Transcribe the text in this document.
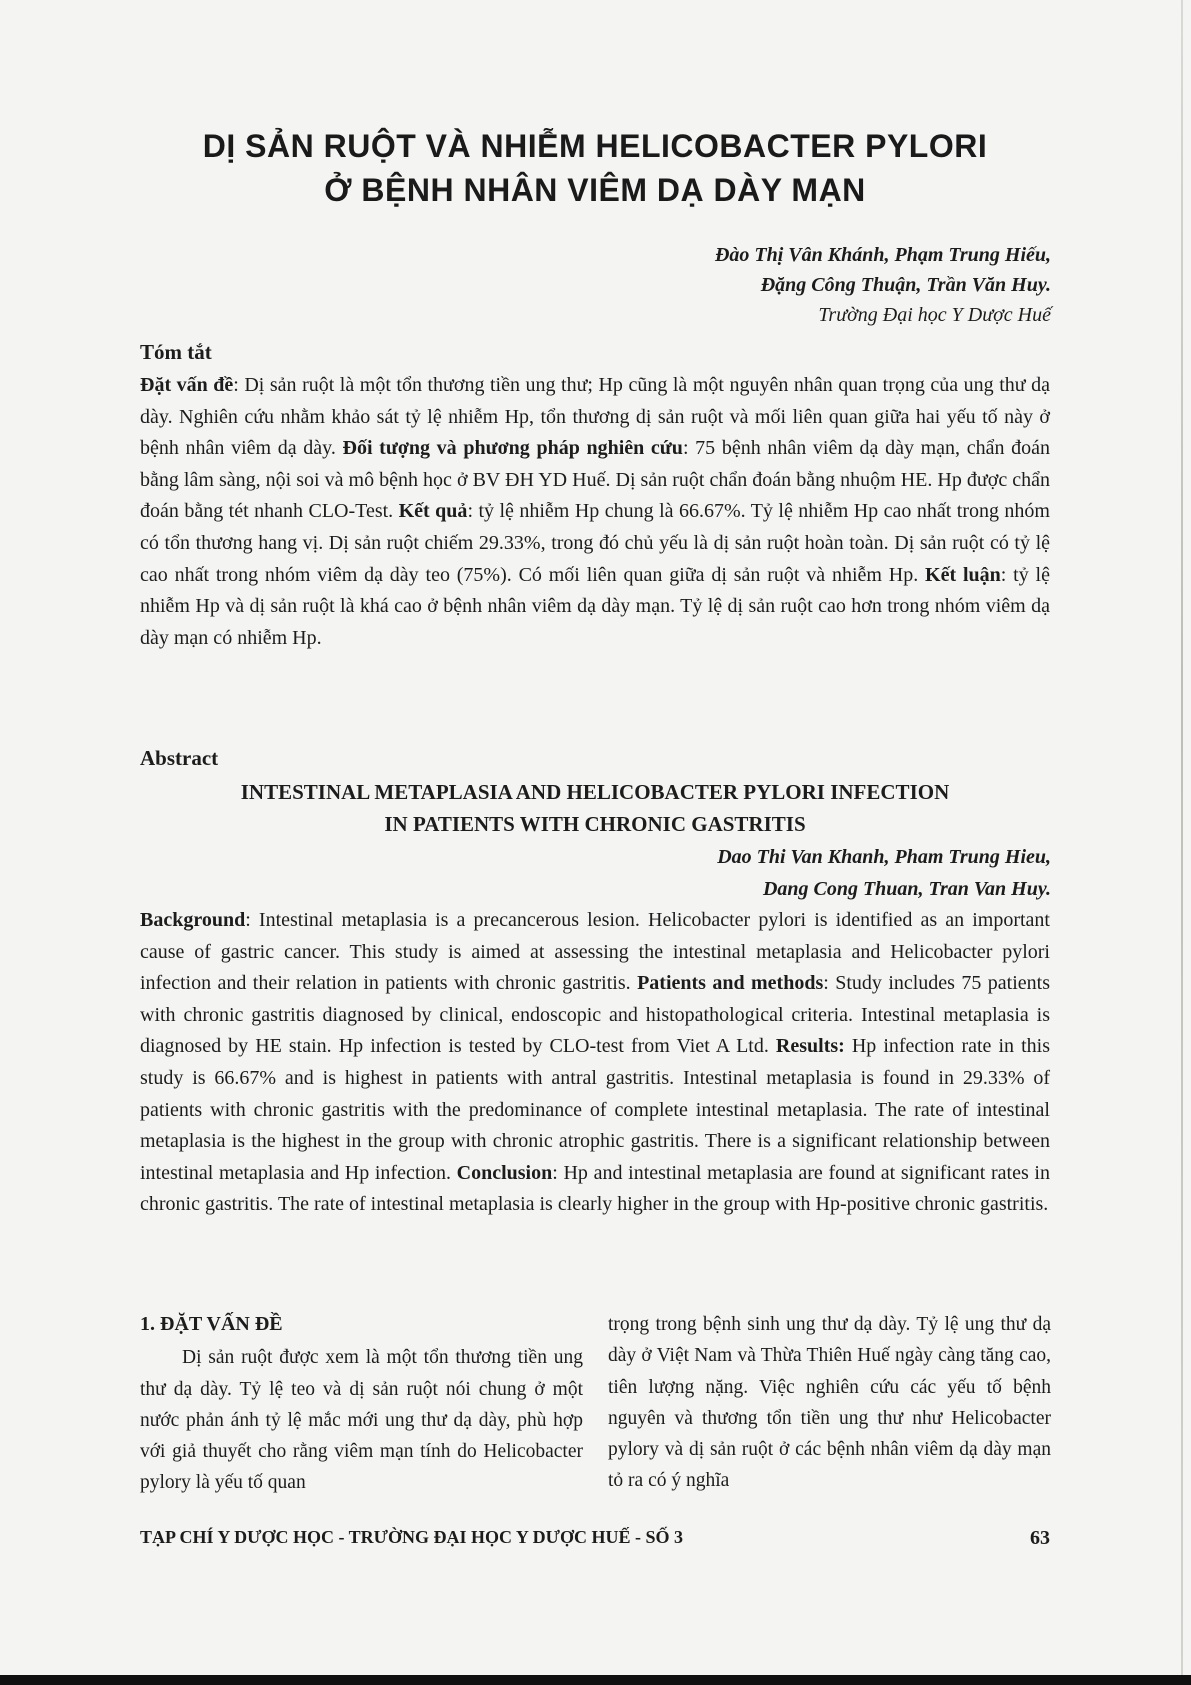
DỊ SẢN RUỘT VÀ NHIỄM HELICOBACTER PYLORI
Ở BỆNH NHÂN VIÊM DẠ DÀY MẠN
Đào Thị Vân Khánh, Phạm Trung Hiếu,
Đặng Công Thuận, Trần Văn Huy.
Trường Đại học Y Dược Huế
Tóm tắt

Đặt vấn đề: Dị sản ruột là một tổn thương tiền ung thư; Hp cũng là một nguyên nhân quan trọng của ung thư dạ dày. Nghiên cứu nhằm khảo sát tỷ lệ nhiễm Hp, tổn thương dị sản ruột và mối liên quan giữa hai yếu tố này ở bệnh nhân viêm dạ dày. Đối tượng và phương pháp nghiên cứu: 75 bệnh nhân viêm dạ dày mạn, chẩn đoán bằng lâm sàng, nội soi và mô bệnh học ở BV ĐH YD Huế. Dị sản ruột chẩn đoán bằng nhuộm HE. Hp được chẩn đoán bằng tét nhanh CLO-Test. Kết quả: tỷ lệ nhiễm Hp chung là 66.67%. Tỷ lệ nhiễm Hp cao nhất trong nhóm có tổn thương hang vị. Dị sản ruột chiếm 29.33%, trong đó chủ yếu là dị sản ruột hoàn toàn. Dị sản ruột có tỷ lệ cao nhất trong nhóm viêm dạ dày teo (75%). Có mối liên quan giữa dị sản ruột và nhiễm Hp. Kết luận: tỷ lệ nhiễm Hp và dị sản ruột là khá cao ở bệnh nhân viêm dạ dày mạn. Tỷ lệ dị sản ruột cao hơn trong nhóm viêm dạ dày mạn có nhiễm Hp.

Abstract
INTESTINAL METAPLASIA AND HELICOBACTER PYLORI INFECTION
IN PATIENTS WITH CHRONIC GASTRITIS
Dao Thi Van Khanh, Pham Trung Hieu,
Dang Cong Thuan, Tran Van Huy.

Background: Intestinal metaplasia is a precancerous lesion. Helicobacter pylori is identified as an important cause of gastric cancer. This study is aimed at assessing the intestinal metaplasia and Helicobacter pylori infection and their relation in patients with chronic gastritis. Patients and methods: Study includes 75 patients with chronic gastritis diagnosed by clinical, endoscopic and histopathological criteria. Intestinal metaplasia is diagnosed by HE stain. Hp infection is tested by CLO-test from Viet A Ltd. Results: Hp infection rate in this study is 66.67% and is highest in patients with antral gastritis. Intestinal metaplasia is found in 29.33% of patients with chronic gastritis with the predominance of complete intestinal metaplasia. The rate of intestinal metaplasia is the highest in the group with chronic atrophic gastritis. There is a significant relationship between intestinal metaplasia and Hp infection. Conclusion: Hp and intestinal metaplasia are found at significant rates in chronic gastritis. The rate of intestinal metaplasia is clearly higher in the group with Hp-positive chronic gastritis.

1. ĐẶT VẤN ĐỀ

Dị sản ruột được xem là một tổn thương tiền ung thư dạ dày. Tỷ lệ teo và dị sản ruột nói chung ở một nước phản ánh tỷ lệ mắc mới ung thư dạ dày, phù hợp với giả thuyết cho rằng viêm mạn tính do Helicobacter pylory là yếu tố quan

trọng trong bệnh sinh ung thư dạ dày. Tỷ lệ ung thư dạ dày ở Việt Nam và Thừa Thiên Huế ngày càng tăng cao, tiên lượng nặng. Việc nghiên cứu các yếu tố bệnh nguyên và thương tổn tiền ung thư như Helicobacter pylory và dị sản ruột ở các bệnh nhân viêm dạ dày mạn tỏ ra có ý nghĩa

TẠP CHÍ Y DƯỢC HỌC - TRƯỜNG ĐẠI HỌC Y DƯỢC HUẾ - SỐ 3	63
